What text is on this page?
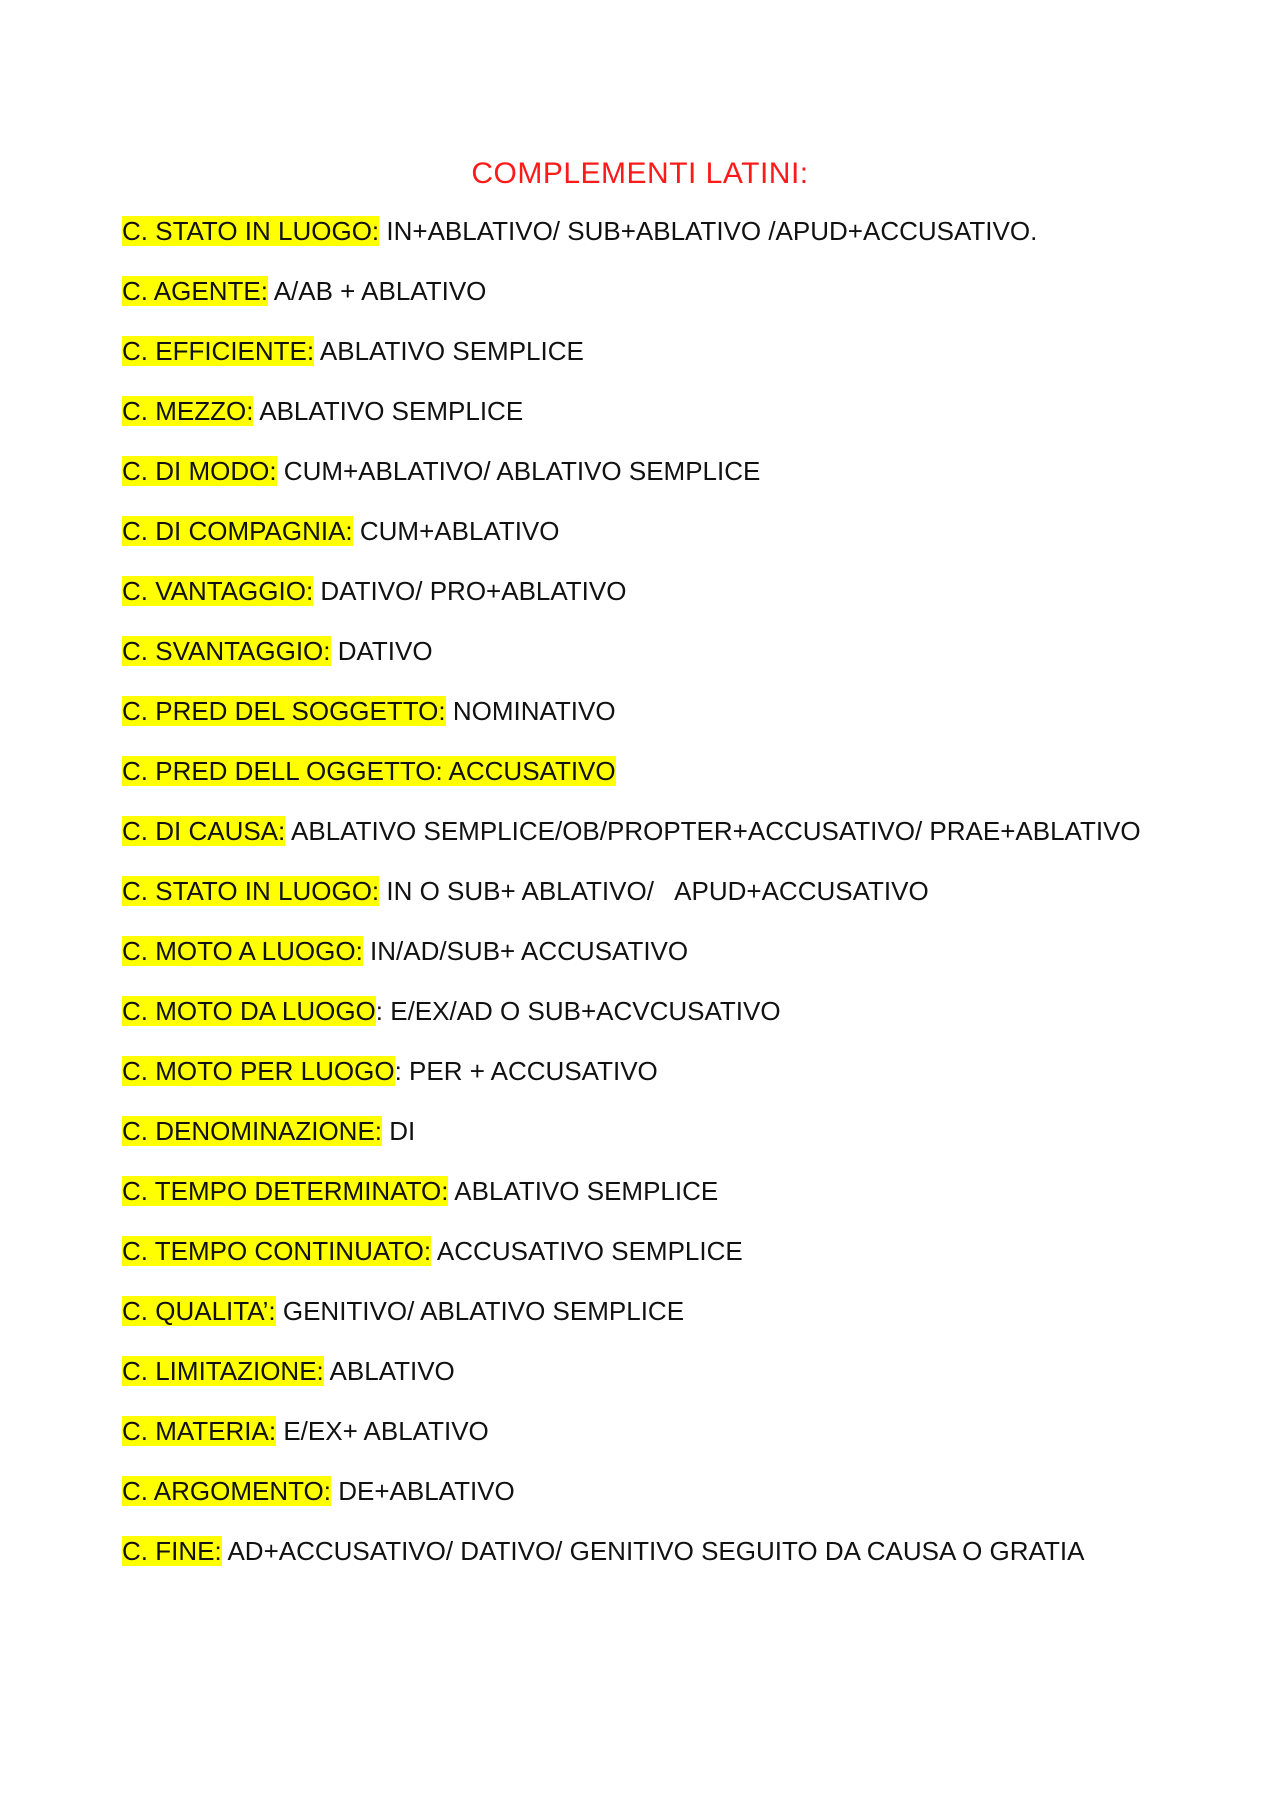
COMPLEMENTI LATINI:
C. STATO IN LUOGO: IN+ABLATIVO/ SUB+ABLATIVO /APUD+ACCUSATIVO.
C. AGENTE: A/AB + ABLATIVO
C. EFFICIENTE: ABLATIVO SEMPLICE
C. MEZZO: ABLATIVO SEMPLICE
C. DI MODO: CUM+ABLATIVO/ ABLATIVO SEMPLICE
C. DI COMPAGNIA: CUM+ABLATIVO
C. VANTAGGIO: DATIVO/ PRO+ABLATIVO
C. SVANTAGGIO: DATIVO
C. PRED DEL SOGGETTO: NOMINATIVO
C. PRED DELL OGGETTO: ACCUSATIVO
C. DI CAUSA: ABLATIVO SEMPLICE/OB/PROPTER+ACCUSATIVO/ PRAE+ABLATIVO
C. STATO IN LUOGO: IN O SUB+ ABLATIVO/   APUD+ACCUSATIVO
C. MOTO A LUOGO: IN/AD/SUB+ ACCUSATIVO
C. MOTO DA LUOGO: E/EX/AD O SUB+ACVCUSATIVO
C. MOTO PER LUOGO: PER + ACCUSATIVO
C. DENOMINAZIONE: DI
C. TEMPO DETERMINATO: ABLATIVO SEMPLICE
C. TEMPO CONTINUATO: ACCUSATIVO SEMPLICE
C. QUALITA’: GENITIVO/ ABLATIVO SEMPLICE
C. LIMITAZIONE: ABLATIVO
C. MATERIA: E/EX+ ABLATIVO
C. ARGOMENTO: DE+ABLATIVO
C. FINE: AD+ACCUSATIVO/ DATIVO/ GENITIVO SEGUITO DA CAUSA O GRATIA
